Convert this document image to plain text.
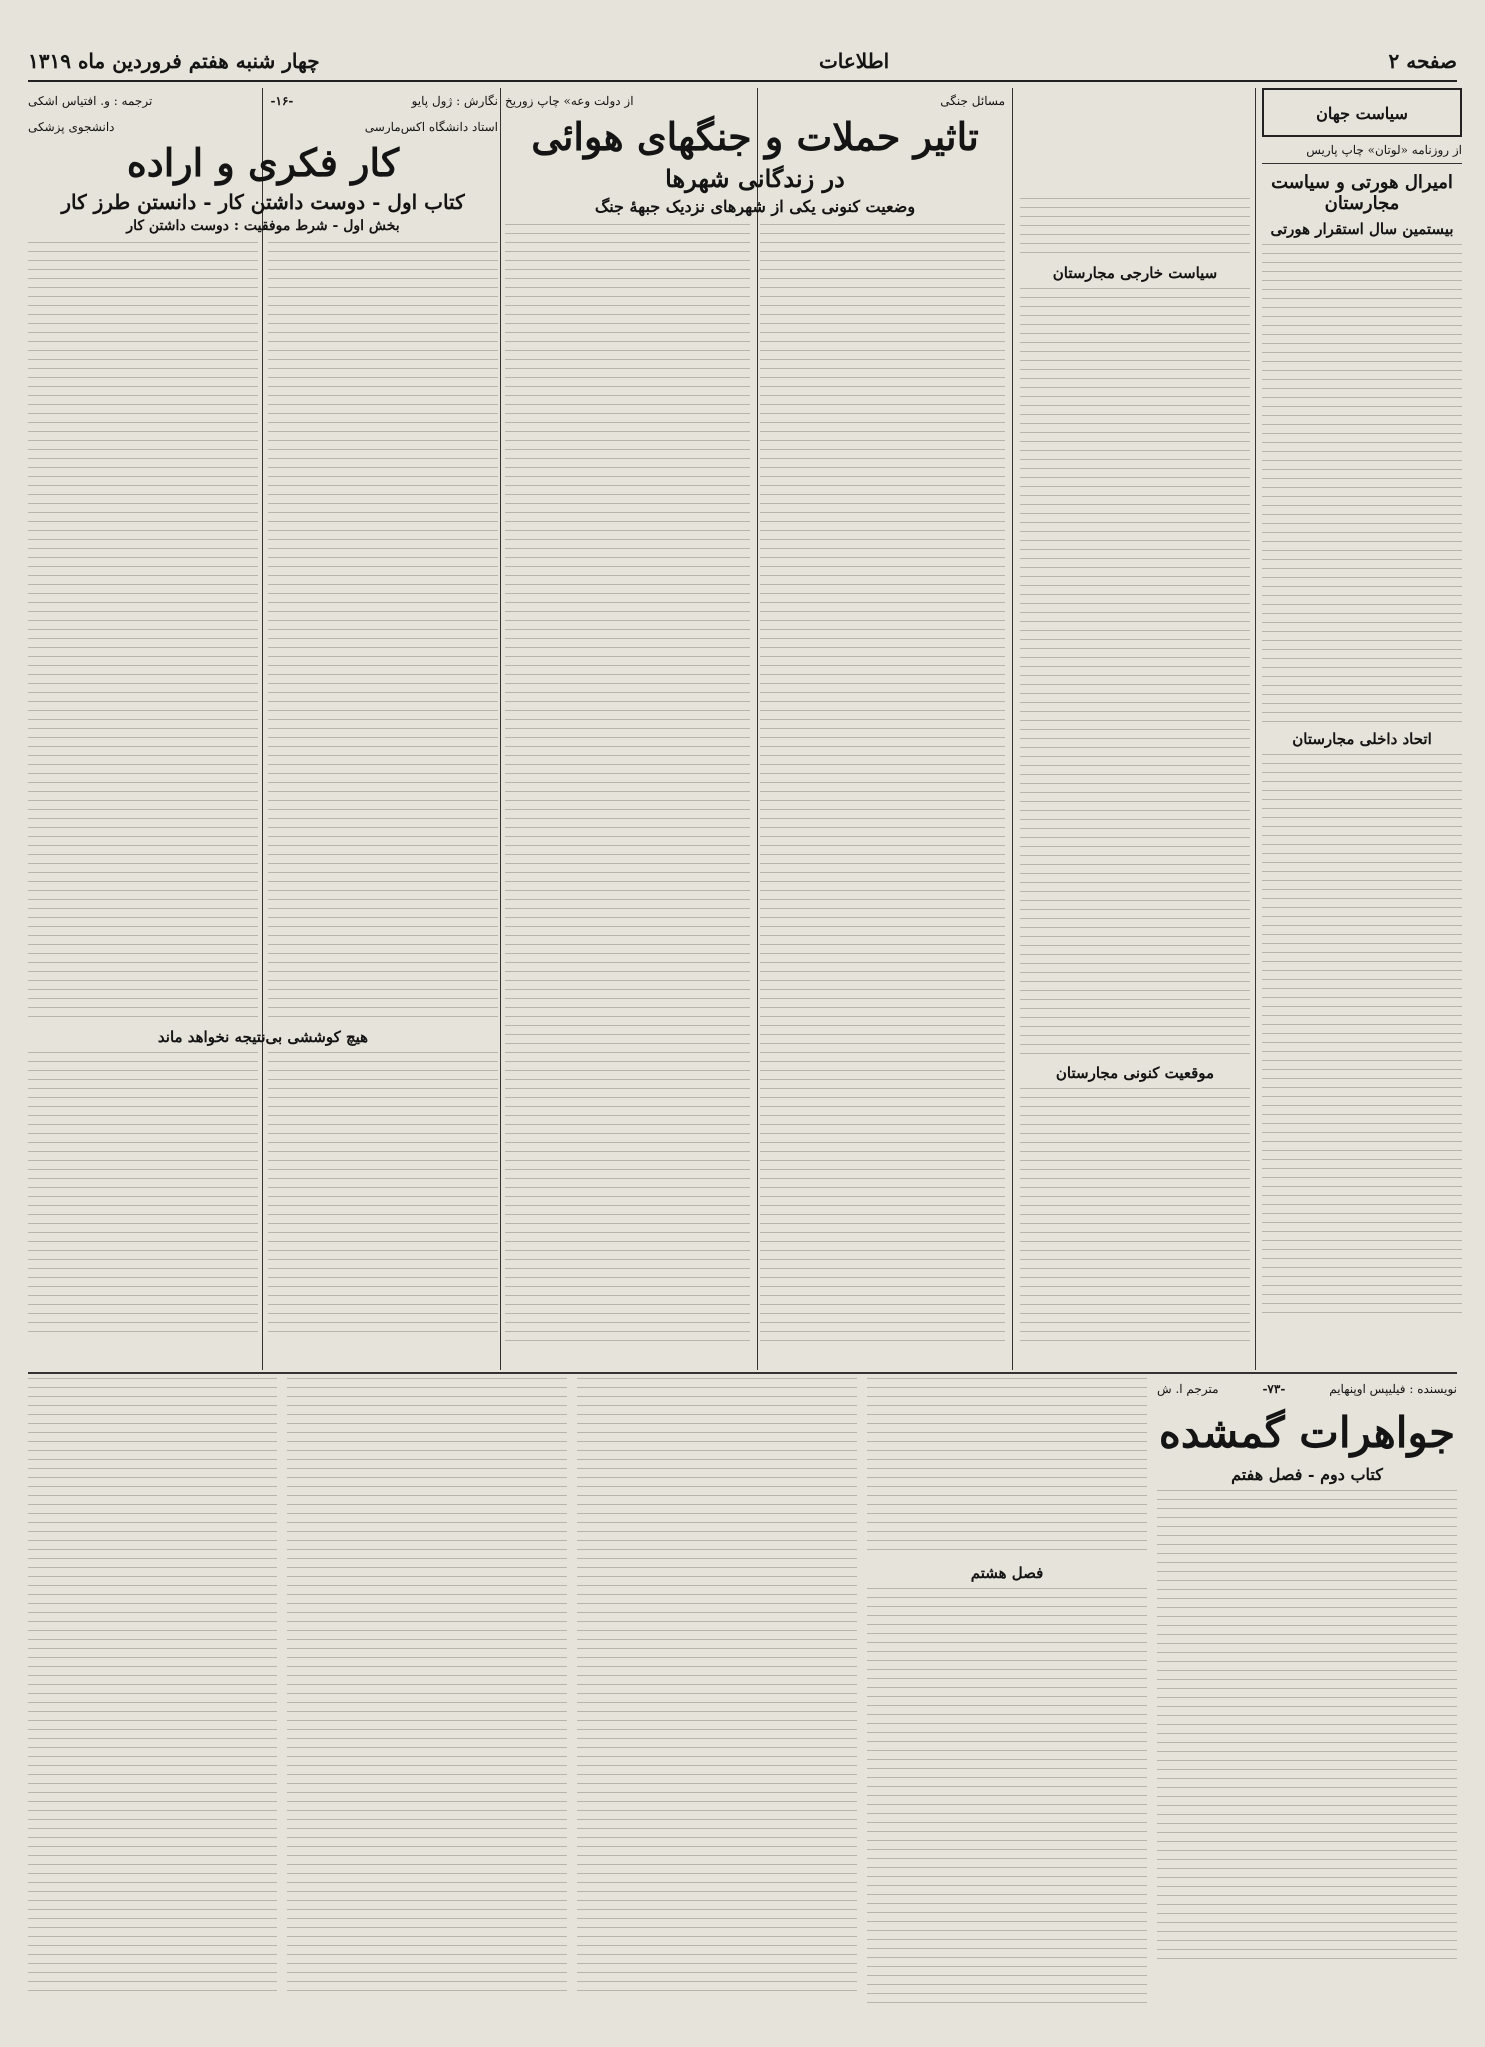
صفحه ۲
اطلاعات
چهار شنبه هفتم فروردین ماه ۱۳۱۹
سیاست جهان
از روزنامه «لوتان» چاپ پاریس
امیرال هورتی و سیاست مجارستان
بیستمین سال استقرار هورتی
اتحاد داخلی مجارستان
سیاست خارجی مجارستان
موقعیت کنونی مجارستان
مسائل جنگی
از دولت وعه» چاپ زوریخ
تاثیر حملات و جنگهای هوائی
در زندگانی شهرها
وضعیت کنونی یکی از شهرهای نزدیک جبههٔ جنگ
نگارش : ژول پایو
-۱۶-
ترجمه : و. افتیاس اشکی
استاد دانشگاه اکس‌مارسی
دانشجوی پزشکی
کار فکری و اراده
کتاب اول - دوست داشتن کار - دانستن طرز کار
بخش اول - شرط موفقیت : دوست داشتن کار
هیچ کوششی بی‌نتیجه نخواهد ماند
نویسنده : فیلیپس اوپنهایم
-۷۳-
مترجم ا. ش
جواهرات گمشده
کتاب دوم - فصل هفتم
فصل هشتم
